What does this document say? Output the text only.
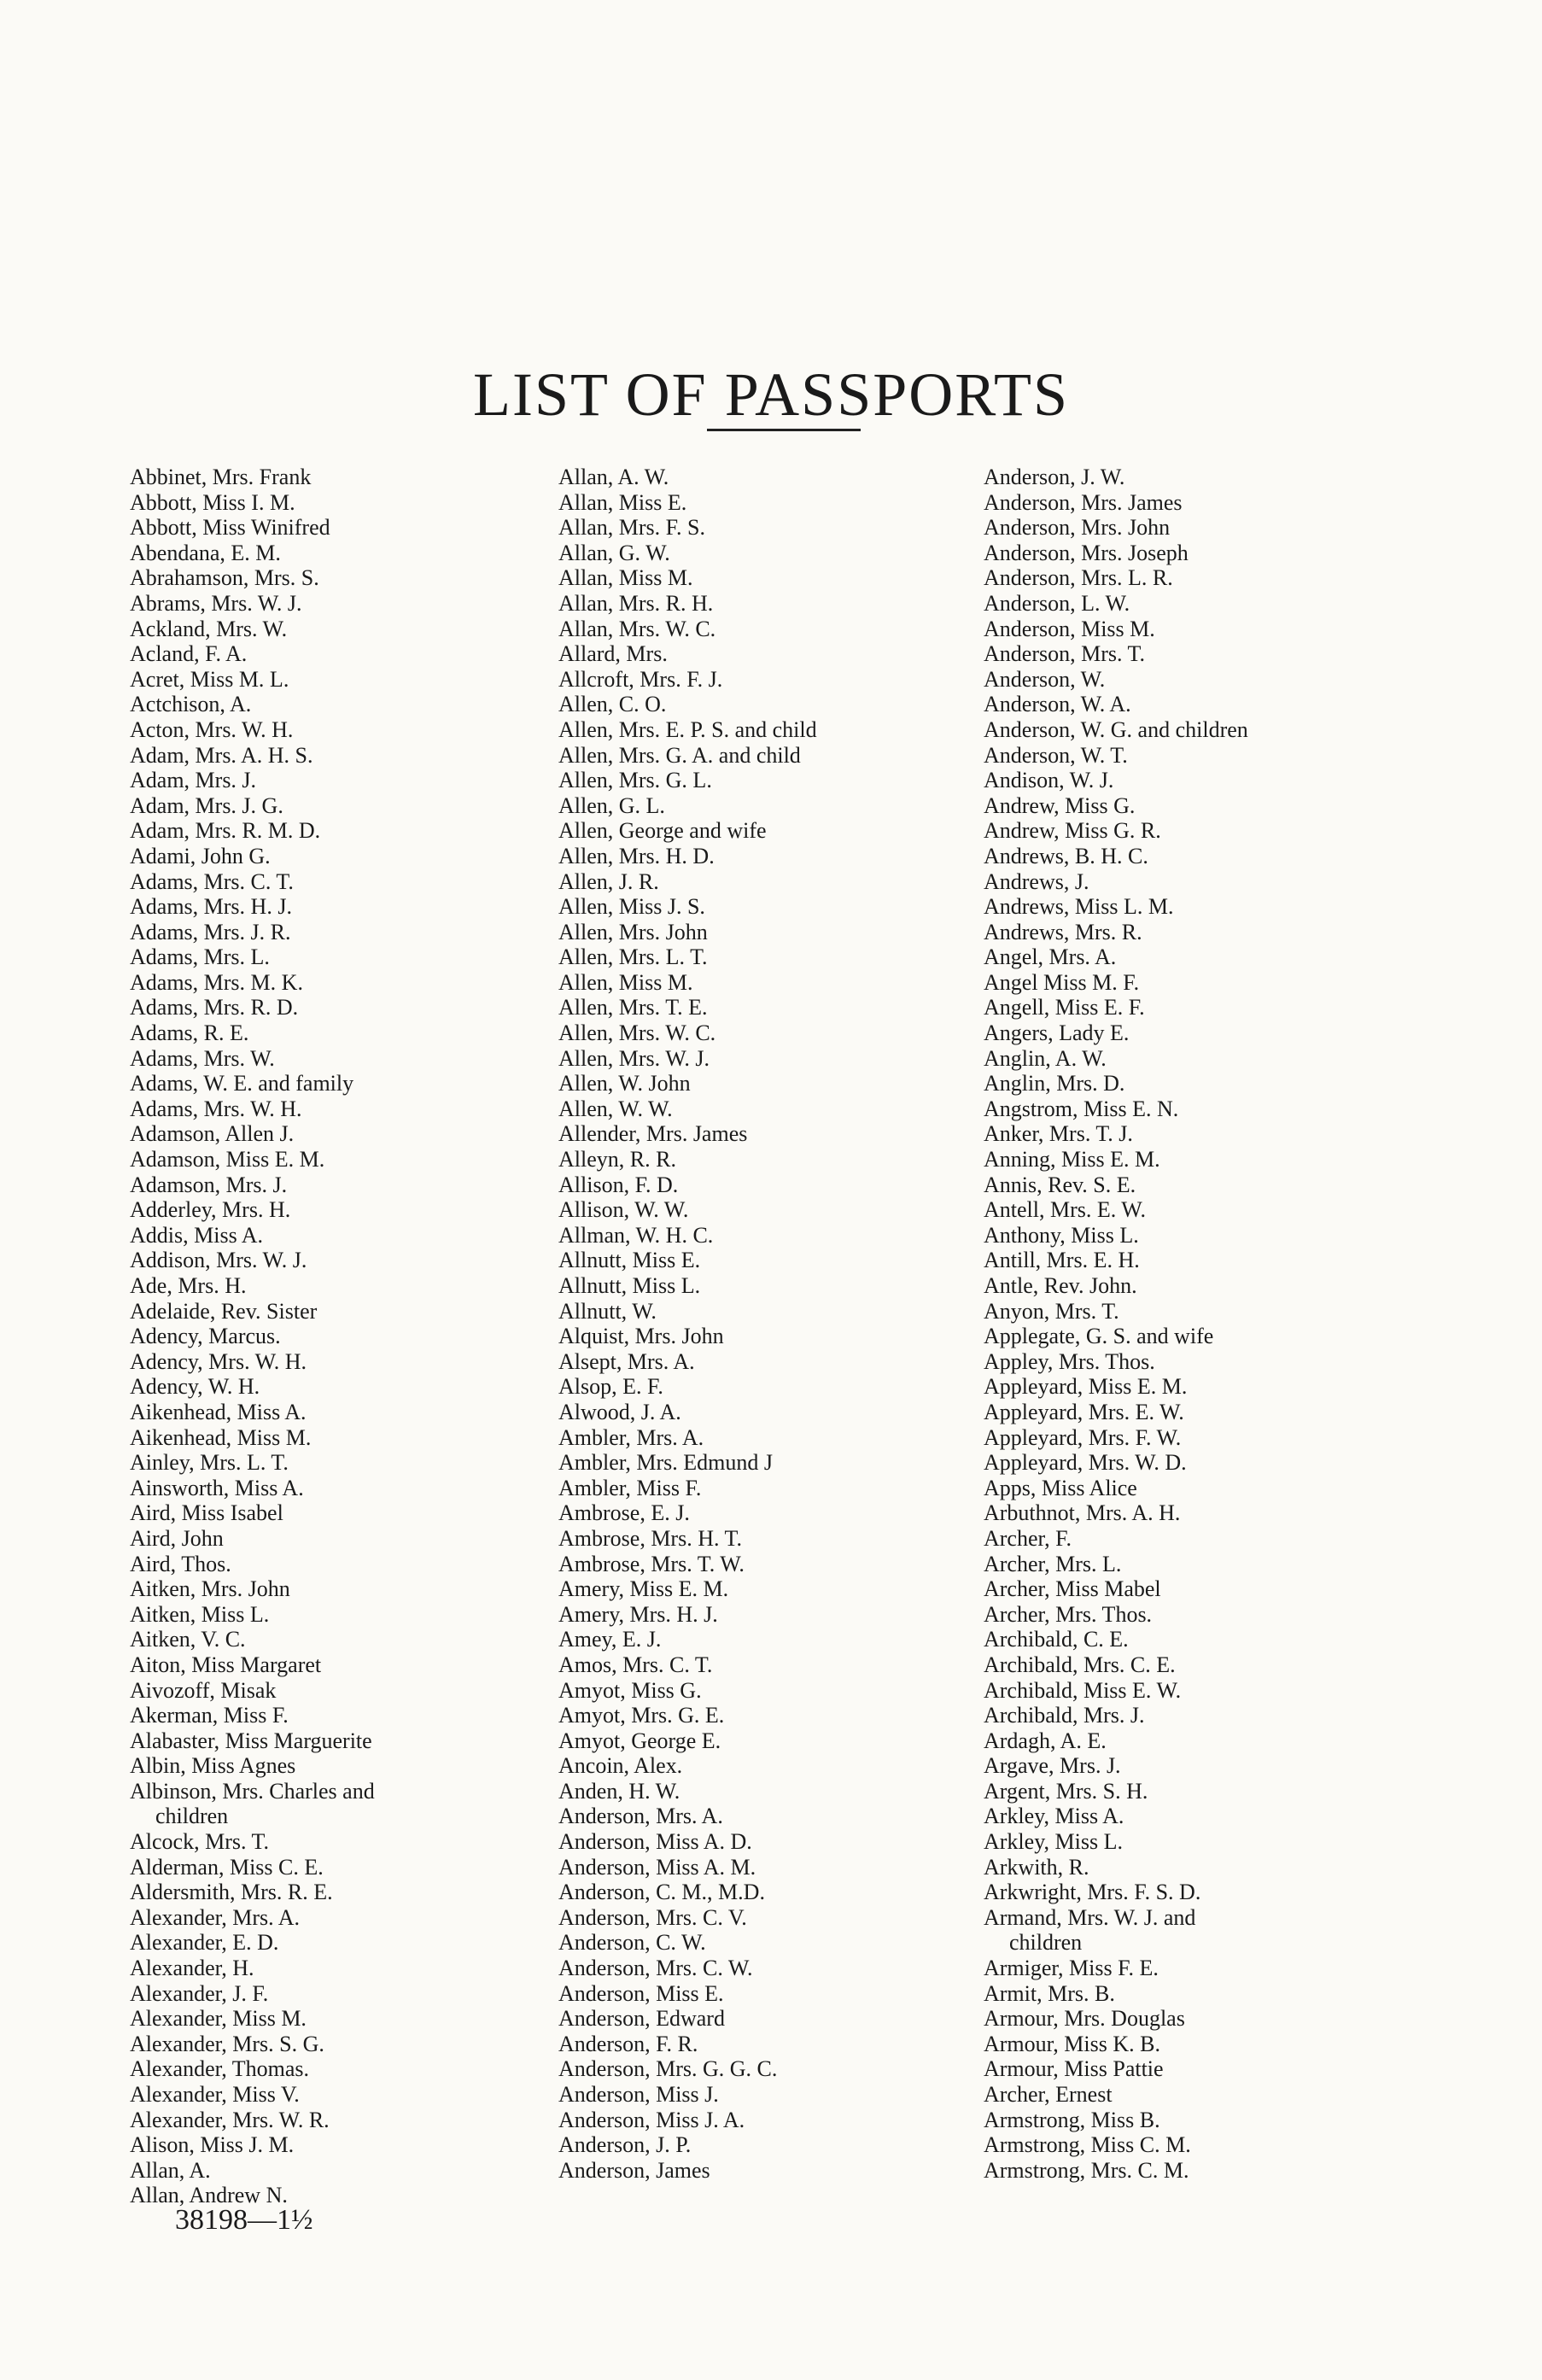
LIST OF PASSPORTS
Abbinet, Mrs. Frank
Abbott, Miss I. M.
Abbott, Miss Winifred
Abendana, E. M.
Abrahamson, Mrs. S.
Abrams, Mrs. W. J.
Ackland, Mrs. W.
Acland, F. A.
Acret, Miss M. L.
Actchison, A.
Acton, Mrs. W. H.
Adam, Mrs. A. H. S.
Adam, Mrs. J.
Adam, Mrs. J. G.
Adam, Mrs. R. M. D.
Adami, John G.
Adams, Mrs. C. T.
Adams, Mrs. H. J.
Adams, Mrs. J. R.
Adams, Mrs. L.
Adams, Mrs. M. K.
Adams, Mrs. R. D.
Adams, R. E.
Adams, Mrs. W.
Adams, W. E. and family
Adams, Mrs. W. H.
Adamson, Allen J.
Adamson, Miss E. M.
Adamson, Mrs. J.
Adderley, Mrs. H.
Addis, Miss A.
Addison, Mrs. W. J.
Ade, Mrs. H.
Adelaide, Rev. Sister
Adency, Marcus.
Adency, Mrs. W. H.
Adency, W. H.
Aikenhead, Miss A.
Aikenhead, Miss M.
Ainley, Mrs. L. T.
Ainsworth, Miss A.
Aird, Miss Isabel
Aird, John
Aird, Thos.
Aitken, Mrs. John
Aitken, Miss L.
Aitken, V. C.
Aiton, Miss Margaret
Aivozoff, Misak
Akerman, Miss F.
Alabaster, Miss Marguerite
Albin, Miss Agnes
Albinson, Mrs. Charles and
children
Alcock, Mrs. T.
Alderman, Miss C. E.
Aldersmith, Mrs. R. E.
Alexander, Mrs. A.
Alexander, E. D.
Alexander, H.
Alexander, J. F.
Alexander, Miss M.
Alexander, Mrs. S. G.
Alexander, Thomas.
Alexander, Miss V.
Alexander, Mrs. W. R.
Alison, Miss J. M.
Allan, A.
Allan, Andrew N.
Allan, A. W.
Allan, Miss E.
Allan, Mrs. F. S.
Allan, G. W.
Allan, Miss M.
Allan, Mrs. R. H.
Allan, Mrs. W. C.
Allard, Mrs.
Allcroft, Mrs. F. J.
Allen, C. O.
Allen, Mrs. E. P. S. and child
Allen, Mrs. G. A. and child
Allen, Mrs. G. L.
Allen, G. L.
Allen, George and wife
Allen, Mrs. H. D.
Allen, J. R.
Allen, Miss J. S.
Allen, Mrs. John
Allen, Mrs. L. T.
Allen, Miss M.
Allen, Mrs. T. E.
Allen, Mrs. W. C.
Allen, Mrs. W. J.
Allen, W. John
Allen, W. W.
Allender, Mrs. James
Alleyn, R. R.
Allison, F. D.
Allison, W. W.
Allman, W. H. C.
Allnutt, Miss E.
Allnutt, Miss L.
Allnutt, W.
Alquist, Mrs. John
Alsept, Mrs. A.
Alsop, E. F.
Alwood, J. A.
Ambler, Mrs. A.
Ambler, Mrs. Edmund J
Ambler, Miss F.
Ambrose, E. J.
Ambrose, Mrs. H. T.
Ambrose, Mrs. T. W.
Amery, Miss E. M.
Amery, Mrs. H. J.
Amey, E. J.
Amos, Mrs. C. T.
Amyot, Miss G.
Amyot, Mrs. G. E.
Amyot, George E.
Ancoin, Alex.
Anden, H. W.
Anderson, Mrs. A.
Anderson, Miss A. D.
Anderson, Miss A. M.
Anderson, C. M., M.D.
Anderson, Mrs. C. V.
Anderson, C. W.
Anderson, Mrs. C. W.
Anderson, Miss E.
Anderson, Edward
Anderson, F. R.
Anderson, Mrs. G. G. C.
Anderson, Miss J.
Anderson, Miss J. A.
Anderson, J. P.
Anderson, James
Anderson, J. W.
Anderson, Mrs. James
Anderson, Mrs. John
Anderson, Mrs. Joseph
Anderson, Mrs. L. R.
Anderson, L. W.
Anderson, Miss M.
Anderson, Mrs. T.
Anderson, W.
Anderson, W. A.
Anderson, W. G. and children
Anderson, W. T.
Andison, W. J.
Andrew, Miss G.
Andrew, Miss G. R.
Andrews, B. H. C.
Andrews, J.
Andrews, Miss L. M.
Andrews, Mrs. R.
Angel, Mrs. A.
Angel Miss M. F.
Angell, Miss E. F.
Angers, Lady E.
Anglin, A. W.
Anglin, Mrs. D.
Angstrom, Miss E. N.
Anker, Mrs. T. J.
Anning, Miss E. M.
Annis, Rev. S. E.
Antell, Mrs. E. W.
Anthony, Miss L.
Antill, Mrs. E. H.
Antle, Rev. John.
Anyon, Mrs. T.
Applegate, G. S. and wife
Appley, Mrs. Thos.
Appleyard, Miss E. M.
Appleyard, Mrs. E. W.
Appleyard, Mrs. F. W.
Appleyard, Mrs. W. D.
Apps, Miss Alice
Arbuthnot, Mrs. A. H.
Archer, F.
Archer, Mrs. L.
Archer, Miss Mabel
Archer, Mrs. Thos.
Archibald, C. E.
Archibald, Mrs. C. E.
Archibald, Miss E. W.
Archibald, Mrs. J.
Ardagh, A. E.
Argave, Mrs. J.
Argent, Mrs. S. H.
Arkley, Miss A.
Arkley, Miss L.
Arkwith, R.
Arkwright, Mrs. F. S. D.
Armand, Mrs. W. J. and
children
Armiger, Miss F. E.
Armit, Mrs. B.
Armour, Mrs. Douglas
Armour, Miss K. B.
Armour, Miss Pattie
Archer, Ernest
Armstrong, Miss B.
Armstrong, Miss C. M.
Armstrong, Mrs. C. M.
38198—1½
